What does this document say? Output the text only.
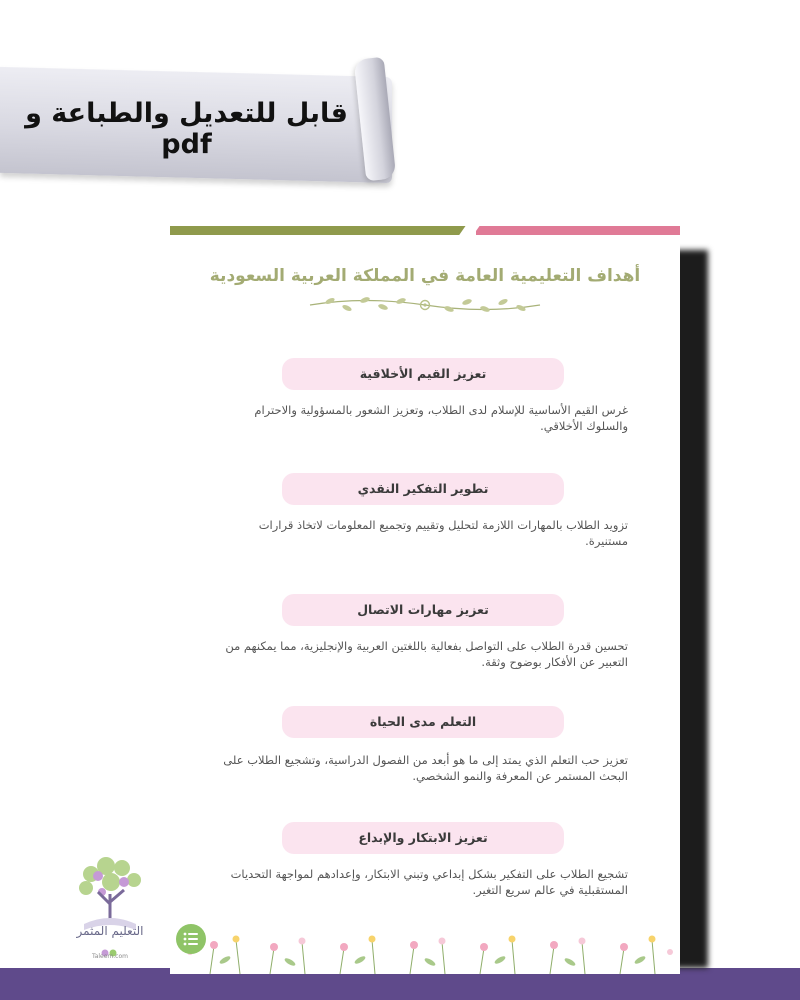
قابل للتعديل والطباعة و pdf
أهداف التعليمية العامة في المملكة العربية السعودية
تعزيز القيم الأخلاقية
غرس القيم الأساسية للإسلام لدى الطلاب، وتعزيز الشعور بالمسؤولية والاحترام والسلوك الأخلاقي.
تطوير التفكير النقدي
تزويد الطلاب بالمهارات اللازمة لتحليل وتقييم وتجميع المعلومات لاتخاذ قرارات مستنيرة.
تعزيز مهارات الاتصال
تحسين قدرة الطلاب على التواصل بفعالية باللغتين العربية والإنجليزية، مما يمكنهم من التعبير عن الأفكار بوضوح وثقة.
التعلم مدى الحياة
تعزيز حب التعلم الذي يمتد إلى ما هو أبعد من الفصول الدراسية، وتشجيع الطلاب على البحث المستمر عن المعرفة والنمو الشخصي.
تعزيز الابتكار والإبداع
تشجيع الطلاب على التفكير بشكل إبداعي وتبني الابتكار، وإعدادهم لمواجهة التحديات المستقبلية في عالم سريع التغير.
التعليم المثمر
Taleem.com
